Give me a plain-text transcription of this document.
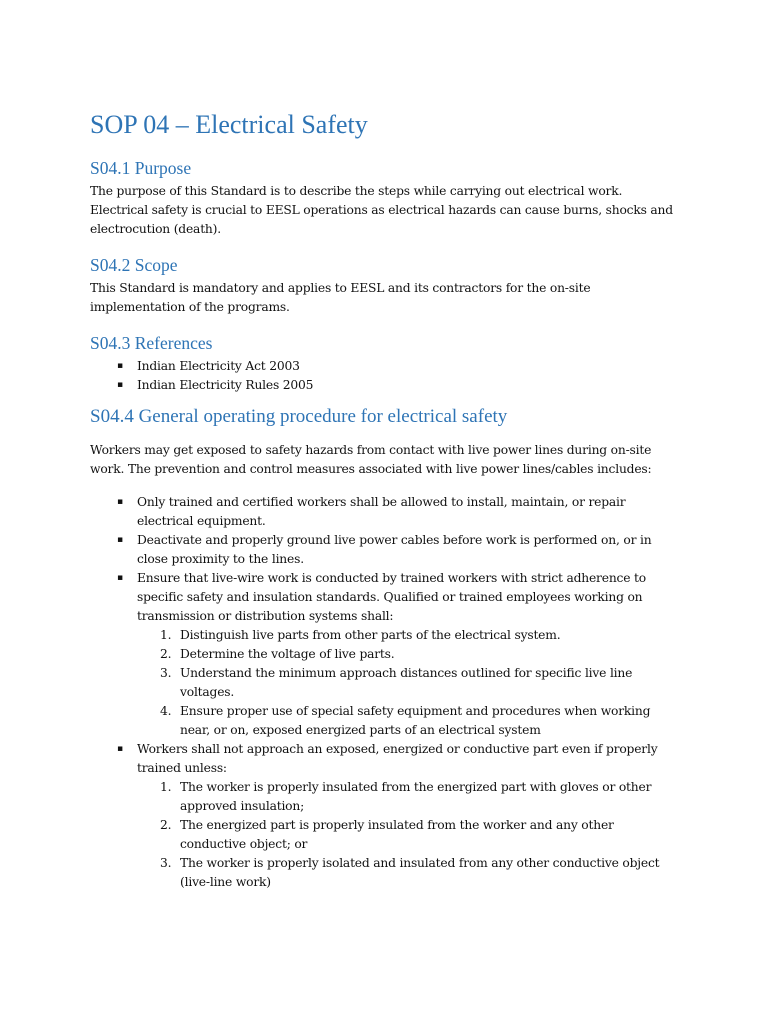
SOP 04 – Electrical Safety
S04.1 Purpose

The purpose of this Standard is to describe the steps while carrying out electrical work. Electrical safety is crucial to EESL operations as electrical hazards can cause burns, shocks and electrocution (death).

S04.2 Scope

This Standard is mandatory and applies to EESL and its contractors for the on-site implementation of the programs.

S04.3 References
▪ Indian Electricity Act 2003
▪ Indian Electricity Rules 2005
S04.4 General operating procedure for electrical safety

Workers may get exposed to safety hazards from contact with live power lines during on-site work. The prevention and control measures associated with live power lines/cables includes:

▪ Only trained and certified workers shall be allowed to install, maintain, or repair electrical equipment.
▪ Deactivate and properly ground live power cables before work is performed on, or in close proximity to the lines.
▪ Ensure that live-wire work is conducted by trained workers with strict adherence to specific safety and insulation standards. Qualified or trained employees working on transmission or distribution systems shall:
1. Distinguish live parts from other parts of the electrical system.
2. Determine the voltage of live parts.
3. Understand the minimum approach distances outlined for specific live line voltages.
4. Ensure proper use of special safety equipment and procedures when working near, or on, exposed energized parts of an electrical system
▪ Workers shall not approach an exposed, energized or conductive part even if properly trained unless:
1. The worker is properly insulated from the energized part with gloves or other approved insulation;
2. The energized part is properly insulated from the worker and any other conductive object; or
3. The worker is properly isolated and insulated from any other conductive object (live-line work)
